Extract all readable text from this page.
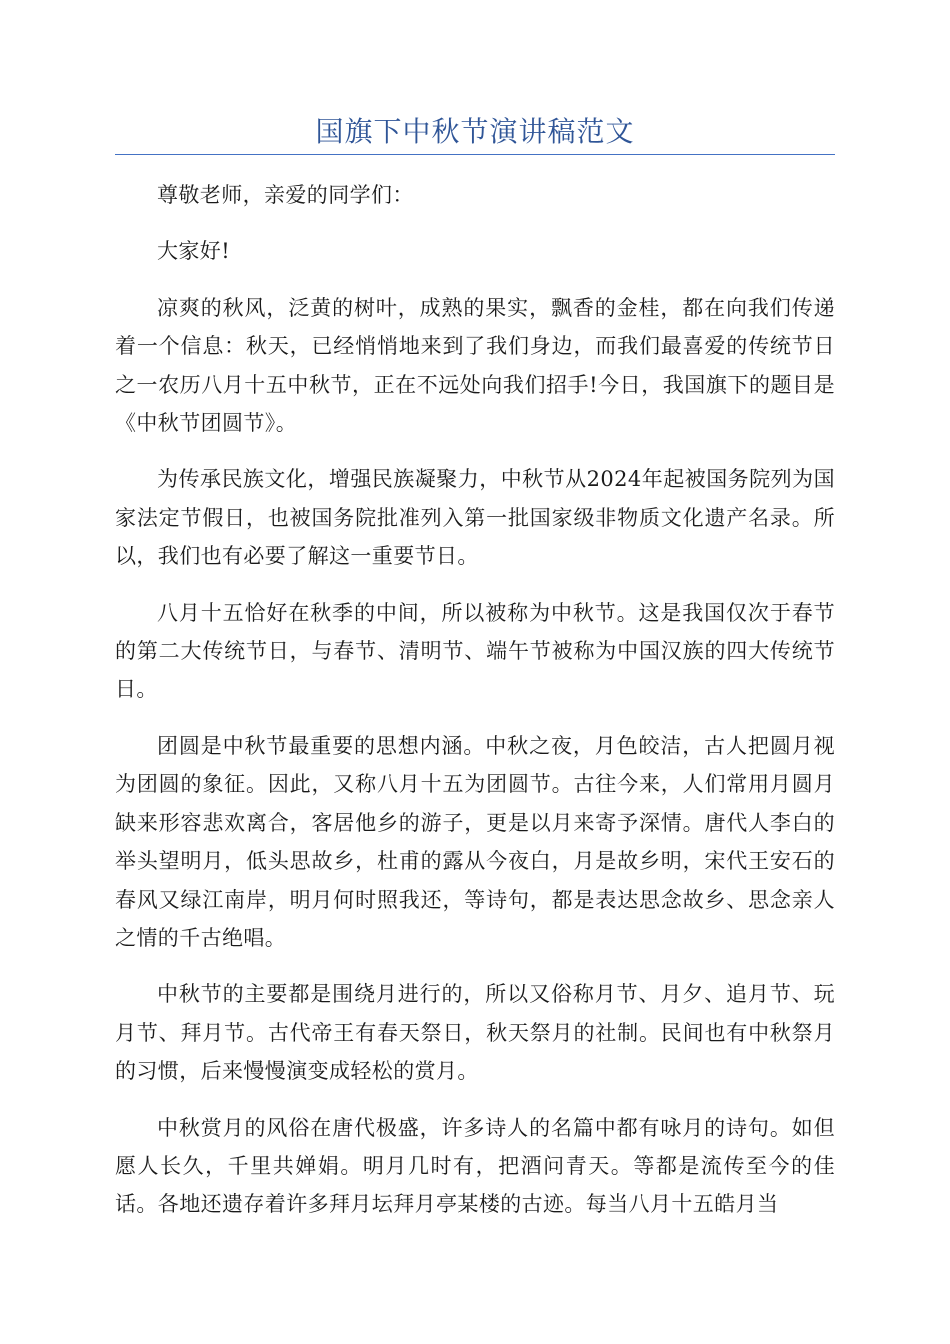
国旗下中秋节演讲稿范文

尊敬老师，亲爱的同学们：

大家好!

凉爽的秋风，泛黄的树叶，成熟的果实，飘香的金桂，都在向我们传递着一个信息：秋天，已经悄悄地来到了我们身边，而我们最喜爱的传统节日之一农历八月十五中秋节，正在不远处向我们招手!今日，我国旗下的题目是《中秋节团圆节》。

为传承民族文化，增强民族凝聚力，中秋节从2024年起被国务院列为国家法定节假日，也被国务院批准列入第一批国家级非物质文化遗产名录。所以，我们也有必要了解这一重要节日。

八月十五恰好在秋季的中间，所以被称为中秋节。这是我国仅次于春节的第二大传统节日，与春节、清明节、端午节被称为中国汉族的四大传统节日。

团圆是中秋节最重要的思想内涵。中秋之夜，月色皎洁，古人把圆月视为团圆的象征。因此，又称八月十五为团圆节。古往今来，人们常用月圆月缺来形容悲欢离合，客居他乡的游子，更是以月来寄予深情。唐代人李白的举头望明月，低头思故乡，杜甫的露从今夜白，月是故乡明，宋代王安石的春风又绿江南岸，明月何时照我还，等诗句，都是表达思念故乡、思念亲人之情的千古绝唱。

中秋节的主要都是围绕月进行的，所以又俗称月节、月夕、追月节、玩月节、拜月节。古代帝王有春天祭日，秋天祭月的社制。民间也有中秋祭月的习惯，后来慢慢演变成轻松的赏月。

中秋赏月的风俗在唐代极盛，许多诗人的名篇中都有咏月的诗句。如但愿人长久，千里共婵娟。明月几时有，把酒问青天。等都是流传至今的佳话。各地还遗存着许多拜月坛拜月亭某楼的古迹。每当八月十五皓月当
